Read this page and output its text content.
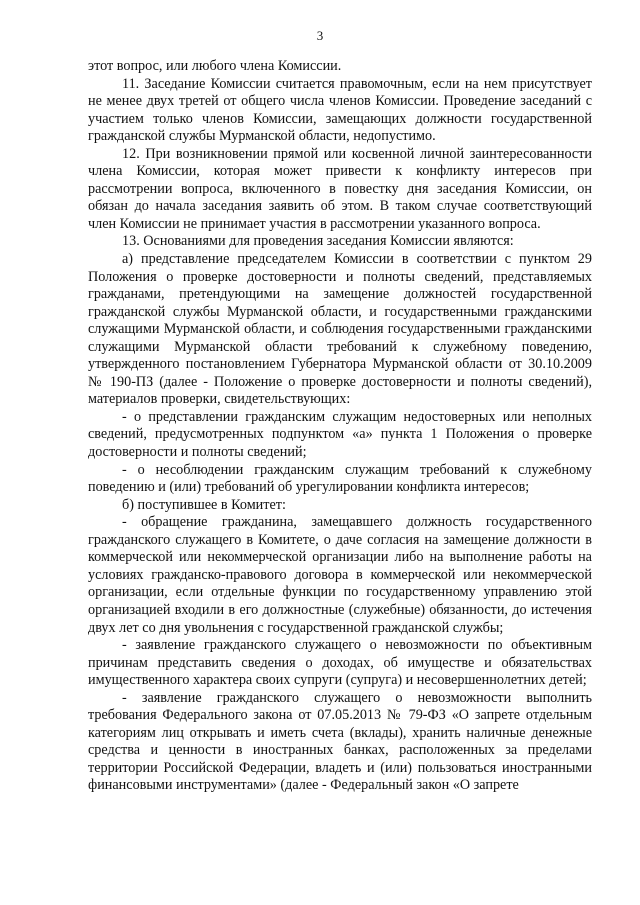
3

этот вопрос, или любого члена Комиссии.

11. Заседание Комиссии считается правомочным, если на нем присутствует не менее двух третей от общего числа членов Комиссии. Проведение заседаний с участием только членов Комиссии, замещающих должности государственной гражданской службы Мурманской области, недопустимо.

12. При возникновении прямой или косвенной личной заинтересованности члена Комиссии, которая может привести к конфликту интересов при рассмотрении вопроса, включенного в повестку дня заседания Комиссии, он обязан до начала заседания заявить об этом. В таком случае соответствующий член Комиссии не принимает участия в рассмотрении указанного вопроса.

13. Основаниями для проведения заседания Комиссии являются:

а) представление председателем Комиссии в соответствии с пунктом 29 Положения о проверке достоверности и полноты сведений, представляемых гражданами, претендующими на замещение должностей государственной гражданской службы Мурманской области, и государственными гражданскими служащими Мурманской области, и соблюдения государственными гражданскими служащими Мурманской области требований к служебному поведению, утвержденного постановлением Губернатора Мурманской области от 30.10.2009 № 190-ПЗ (далее - Положение о проверке достоверности и полноты сведений), материалов проверки, свидетельствующих:

- о представлении гражданским служащим недостоверных или неполных сведений, предусмотренных подпунктом «а» пункта 1 Положения о проверке достоверности и полноты сведений;

- о несоблюдении гражданским служащим требований к служебному поведению и (или) требований об урегулировании конфликта интересов;

б) поступившее в Комитет:

- обращение гражданина, замещавшего должность государственного гражданского служащего в Комитете, о даче согласия на замещение должности в коммерческой или некоммерческой организации либо на выполнение работы на условиях гражданско-правового договора в коммерческой или некоммерческой организации, если отдельные функции по государственному управлению этой организацией входили в его должностные (служебные) обязанности, до истечения двух лет со дня увольнения с государственной гражданской службы;

- заявление гражданского служащего о невозможности по объективным причинам представить сведения о доходах, об имуществе и обязательствах имущественного характера своих супруги (супруга) и несовершеннолетних детей;

- заявление гражданского служащего о невозможности выполнить требования Федерального закона от 07.05.2013 № 79-ФЗ «О запрете отдельным категориям лиц открывать и иметь счета (вклады), хранить наличные денежные средства и ценности в иностранных банках, расположенных за пределами территории Российской Федерации, владеть и (или) пользоваться иностранными финансовыми инструментами» (далее - Федеральный закон «О запрете
